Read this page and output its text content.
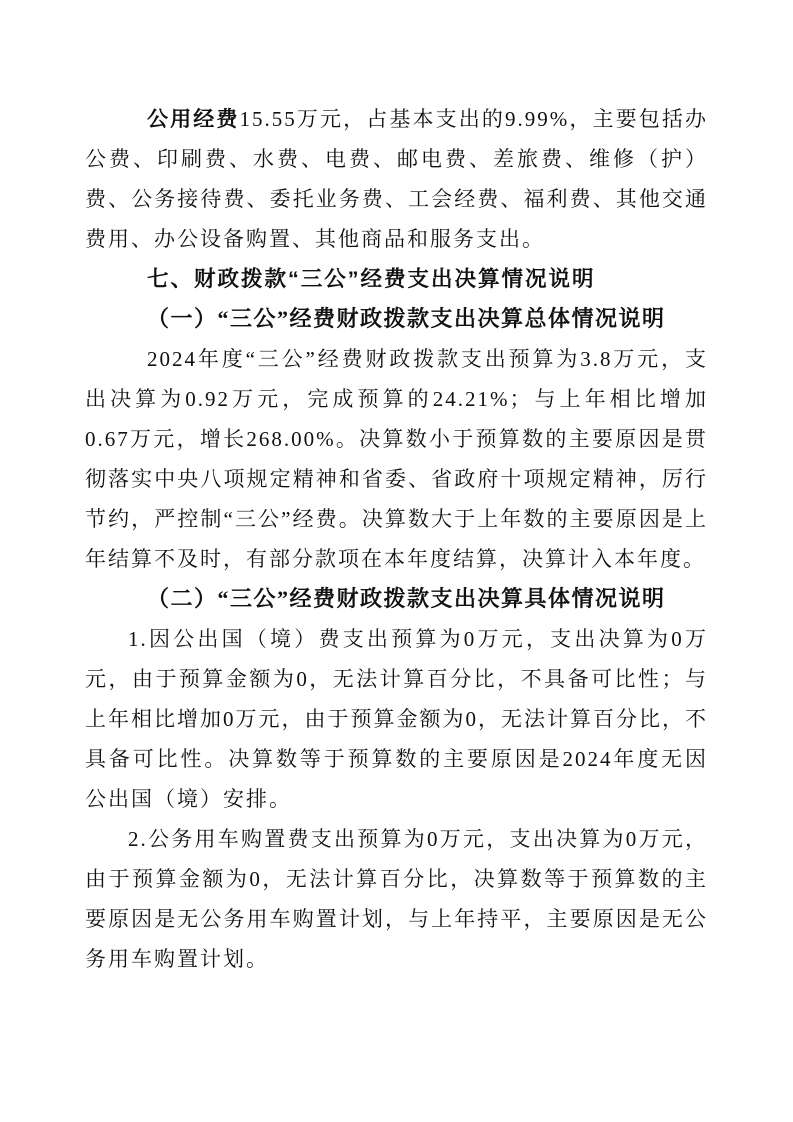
公用经费15.55万元，占基本支出的9.99%，主要包括办公费、印刷费、水费、电费、邮电费、差旅费、维修（护）费、公务接待费、委托业务费、工会经费、福利费、其他交通费用、办公设备购置、其他商品和服务支出。

七、财政拨款“三公”经费支出决算情况说明
（一）“三公”经费财政拨款支出决算总体情况说明

2024年度“三公”经费财政拨款支出预算为3.8万元，支出决算为0.92万元，完成预算的24.21%；与上年相比增加0.67万元，增长268.00%。决算数小于预算数的主要原因是贯彻落实中央八项规定精神和省委、省政府十项规定精神，厉行节约，严控制“三公”经费。决算数大于上年数的主要原因是上年结算不及时，有部分款项在本年度结算，决算计入本年度。

（二）“三公”经费财政拨款支出决算具体情况说明

1.因公出国（境）费支出预算为0万元，支出决算为0万元，由于预算金额为0，无法计算百分比，不具备可比性；与上年相比增加0万元，由于预算金额为0，无法计算百分比，不具备可比性。决算数等于预算数的主要原因是2024年度无因公出国（境）安排。

2.公务用车购置费支出预算为0万元，支出决算为0万元，由于预算金额为0，无法计算百分比，决算数等于预算数的主要原因是无公务用车购置计划，与上年持平，主要原因是无公务用车购置计划。
